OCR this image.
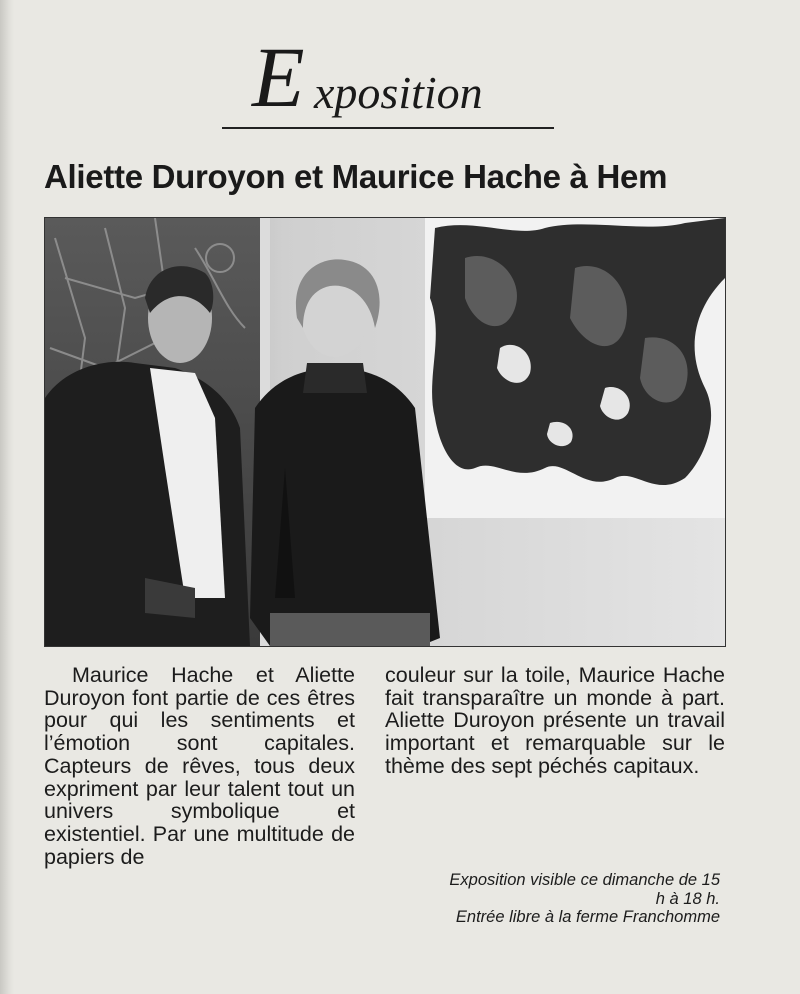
E xposition
Aliette Duroyon et Maurice Hache à Hem
Maurice Hache et Aliette Duroyon font partie de ces êtres pour qui les sentiments et l’émotion sont capitales. Capteurs de rêves, tous deux expriment par leur talent tout un univers symbolique et existentiel. Par une multitude de papiers de
couleur sur la toile, Maurice Hache fait transparaître un monde à part. Aliette Duroyon présente un travail important et remarquable sur le thème des sept péchés capitaux.
Exposition visible ce dimanche de 15 h à 18 h.
Entrée libre à la ferme Franchomme
